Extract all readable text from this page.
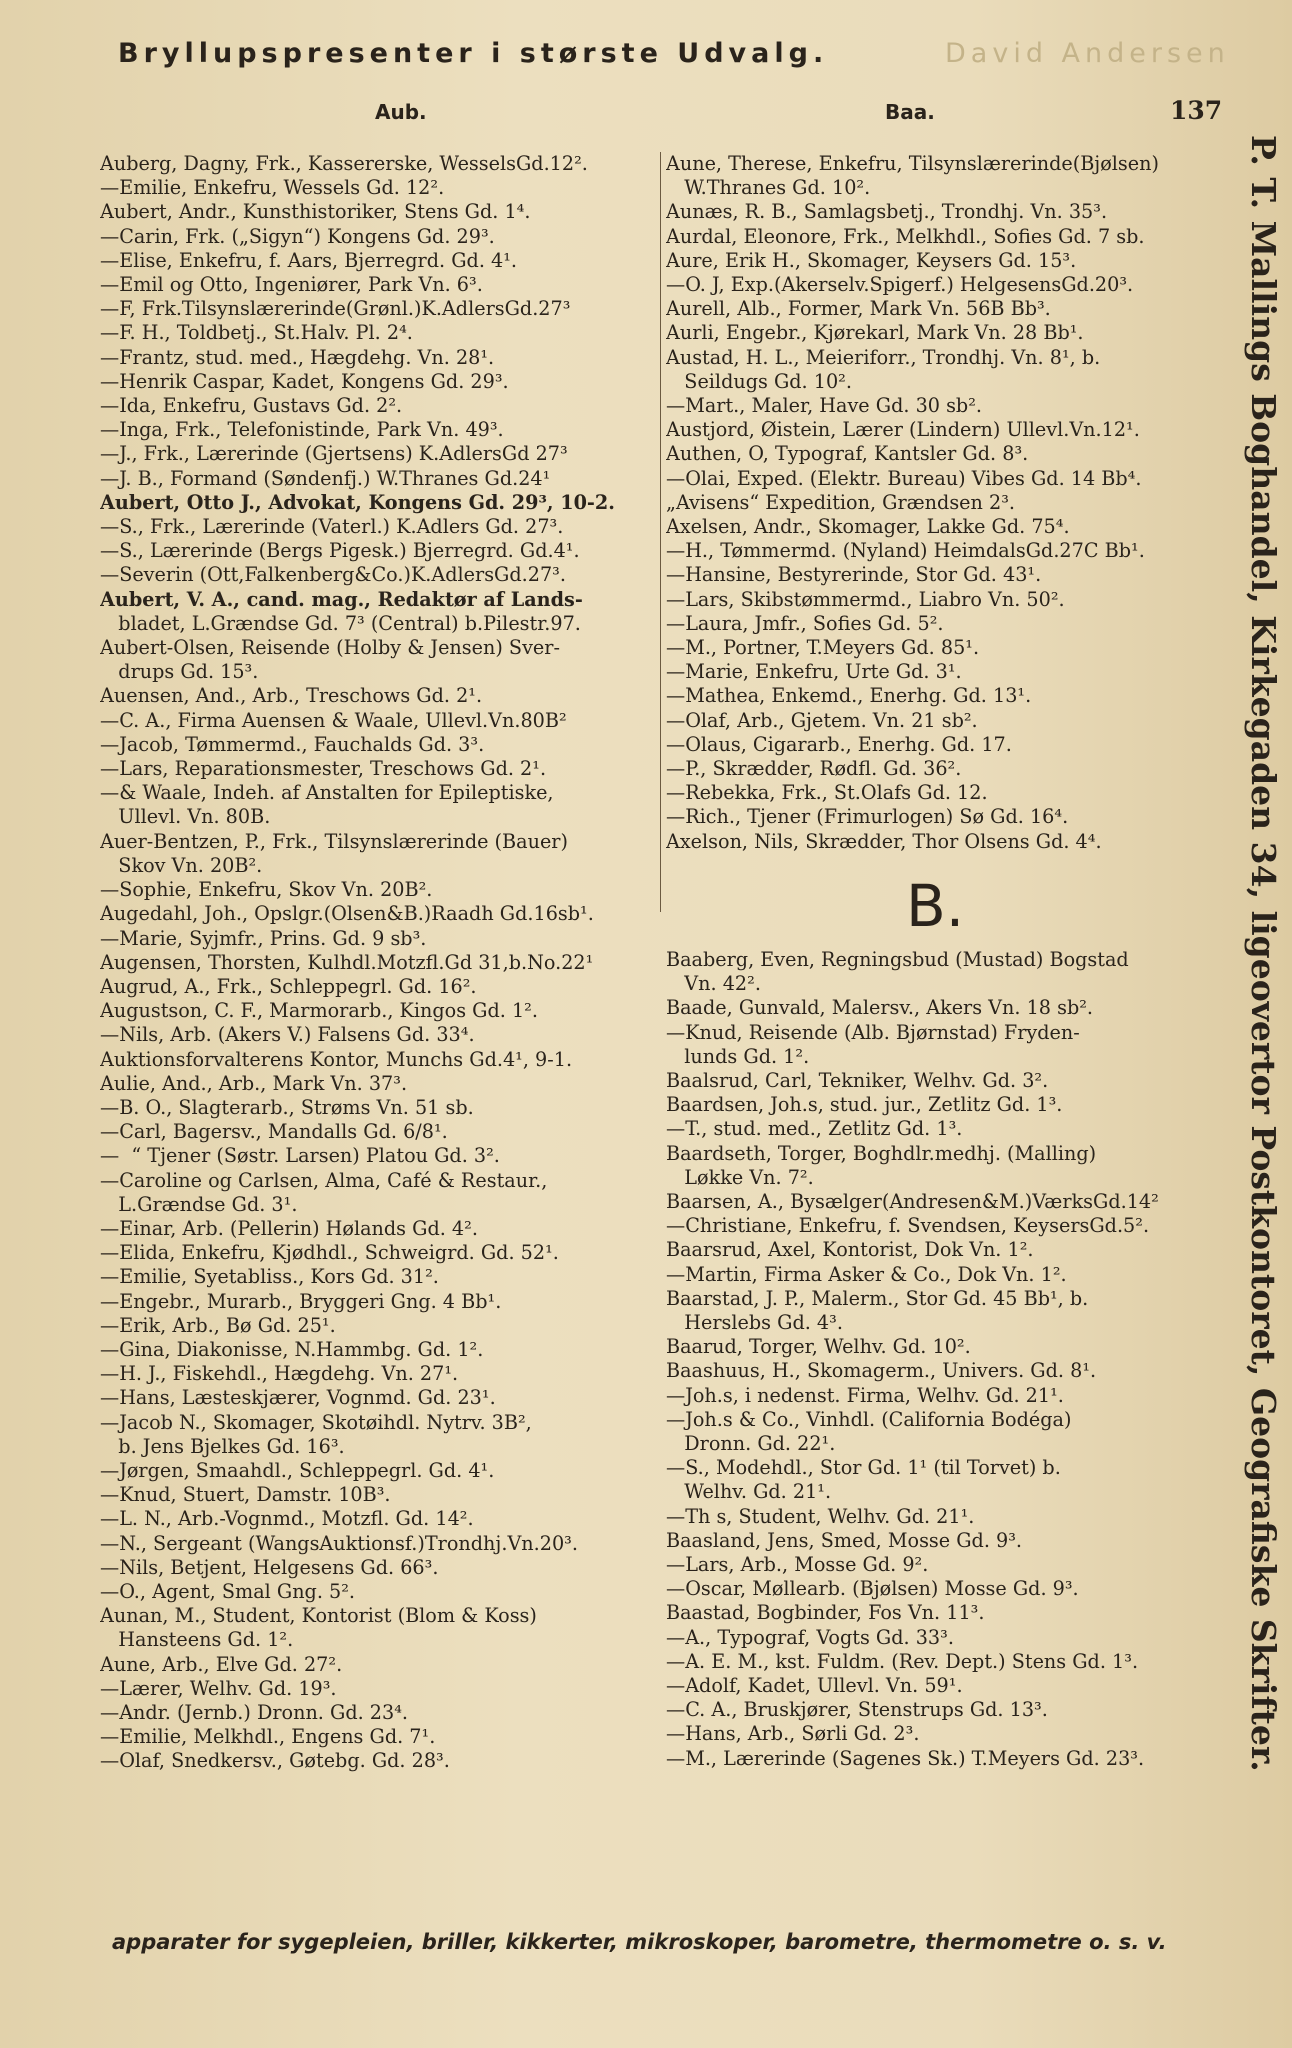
Bryllupspresenter i største Udvalg.	David Andersen
Aub.	Baa.	137
Auberg, Dagny, Frk., Kassererske, WesselsGd.12².
—Emilie, Enkefru, Wessels Gd. 12².
Aubert, Andr., Kunsthistoriker, Stens Gd. 1⁴.
—Carin, Frk. („Sigyn“) Kongens Gd. 29³.
—Elise, Enkefru, f. Aars, Bjerregrd. Gd. 4¹.
—Emil og Otto, Ingeniører, Park Vn. 6³.
—F, Frk.Tilsynslærerinde(Grønl.)K.AdlersGd.27³
—F. H., Toldbetj., St.Halv. Pl. 2⁴.
—Frantz, stud. med., Hægdehg. Vn. 28¹.
—Henrik Caspar, Kadet, Kongens Gd. 29³.
—Ida, Enkefru, Gustavs Gd. 2².
—Inga, Frk., Telefonistinde, Park Vn. 49³.
—J., Frk., Lærerinde (Gjertsens) K.AdlersGd 27³
—J. B., Formand (Søndenfj.) W.Thranes Gd.24¹
Aubert, Otto J., Advokat, Kongens Gd. 29³, 10-2.
—S., Frk., Lærerinde (Vaterl.) K.Adlers Gd. 27³.
—S., Lærerinde (Bergs Pigesk.) Bjerregrd. Gd.4¹.
—Severin (Ott,Falkenberg&Co.)K.AdlersGd.27³.
Aubert, V. A., cand. mag., Redaktør af Lands-
bladet, L.Grændse Gd. 7³ (Central) b.Pilestr.97.
Aubert-Olsen, Reisende (Holby & Jensen) Sver-
drups Gd. 15³.
Auensen, And., Arb., Treschows Gd. 2¹.
—C. A., Firma Auensen & Waale, Ullevl.Vn.80B²
—Jacob, Tømmermd., Fauchalds Gd. 3³.
—Lars, Reparationsmester, Treschows Gd. 2¹.
—& Waale, Indeh. af Anstalten for Epileptiske,
Ullevl. Vn. 80B.
Auer-Bentzen, P., Frk., Tilsynslærerinde (Bauer)
Skov Vn. 20B².
—Sophie, Enkefru, Skov Vn. 20B².
Augedahl, Joh., Opslgr.(Olsen&B.)Raadh Gd.16sb¹.
—Marie, Syjmfr., Prins. Gd. 9 sb³.
Augensen, Thorsten, Kulhdl.Motzfl.Gd 31,b.No.22¹
Augrud, A., Frk., Schleppegrl. Gd. 16².
Augustson, C. F., Marmorarb., Kingos Gd. 1².
—Nils, Arb. (Akers V.) Falsens Gd. 33⁴.
Auktionsforvalterens Kontor, Munchs Gd.4¹, 9-1.
Aulie, And., Arb., Mark Vn. 37³.
—B. O., Slagterarb., Strøms Vn. 51 sb.
—Carl, Bagersv., Mandalls Gd. 6/8¹.
—  “ Tjener (Søstr. Larsen) Platou Gd. 3².
—Caroline og Carlsen, Alma, Café & Restaur.,
L.Grændse Gd. 3¹.
—Einar, Arb. (Pellerin) Hølands Gd. 4².
—Elida, Enkefru, Kjødhdl., Schweigrd. Gd. 52¹.
—Emilie, Syetabliss., Kors Gd. 31².
—Engebr., Murarb., Bryggeri Gng. 4 Bb¹.
—Erik, Arb., Bø Gd. 25¹.
—Gina, Diakonisse, N.Hammbg. Gd. 1².
—H. J., Fiskehdl., Hægdehg. Vn. 27¹.
—Hans, Læsteskjærer, Vognmd. Gd. 23¹.
—Jacob N., Skomager, Skotøihdl. Nytrv. 3B²,
b. Jens Bjelkes Gd. 16³.
—Jørgen, Smaahdl., Schleppegrl. Gd. 4¹.
—Knud, Stuert, Damstr. 10B³.
—L. N., Arb.-Vognmd., Motzfl. Gd. 14².
—N., Sergeant (WangsAuktionsf.)Trondhj.Vn.20³.
—Nils, Betjent, Helgesens Gd. 66³.
—O., Agent, Smal Gng. 5².
Aunan, M., Student, Kontorist (Blom & Koss)
Hansteens Gd. 1².
Aune, Arb., Elve Gd. 27².
—Lærer, Welhv. Gd. 19³.
—Andr. (Jernb.) Dronn. Gd. 23⁴.
—Emilie, Melkhdl., Engens Gd. 7¹.
—Olaf, Snedkersv., Gøtebg. Gd. 28³.
Aune, Therese, Enkefru, Tilsynslærerinde(Bjølsen)
W.Thranes Gd. 10².
Aunæs, R. B., Samlagsbetj., Trondhj. Vn. 35³.
Aurdal, Eleonore, Frk., Melkhdl., Sofies Gd. 7 sb.
Aure, Erik H., Skomager, Keysers Gd. 15³.
—O. J, Exp.(Akerselv.Spigerf.) HelgesensGd.20³.
Aurell, Alb., Former, Mark Vn. 56B Bb³.
Aurli, Engebr., Kjørekarl, Mark Vn. 28 Bb¹.
Austad, H. L., Meieriforr., Trondhj. Vn. 8¹, b.
Seildugs Gd. 10².
—Mart., Maler, Have Gd. 30 sb².
Austjord, Øistein, Lærer (Lindern) Ullevl.Vn.12¹.
Authen, O, Typograf, Kantsler Gd. 8³.
—Olai, Exped. (Elektr. Bureau) Vibes Gd. 14 Bb⁴.
„Avisens“ Expedition, Grændsen 2³.
Axelsen, Andr., Skomager, Lakke Gd. 75⁴.
—H., Tømmermd. (Nyland) HeimdalsGd.27C Bb¹.
—Hansine, Bestyrerinde, Stor Gd. 43¹.
—Lars, Skibstømmermd., Liabro Vn. 50².
—Laura, Jmfr., Sofies Gd. 5².
—M., Portner, T.Meyers Gd. 85¹.
—Marie, Enkefru, Urte Gd. 3¹.
—Mathea, Enkemd., Enerhg. Gd. 13¹.
—Olaf, Arb., Gjetem. Vn. 21 sb².
—Olaus, Cigararb., Enerhg. Gd. 17.
—P., Skrædder, Rødfl. Gd. 36².
—Rebekka, Frk., St.Olafs Gd. 12.
—Rich., Tjener (Frimurlogen) Sø Gd. 16⁴.
Axelson, Nils, Skrædder, Thor Olsens Gd. 4⁴.
B.
Baaberg, Even, Regningsbud (Mustad) Bogstad
Vn. 42².
Baade, Gunvald, Malersv., Akers Vn. 18 sb².
—Knud, Reisende (Alb. Bjørnstad) Fryden-
lunds Gd. 1².
Baalsrud, Carl, Tekniker, Welhv. Gd. 3².
Baardsen, Joh.s, stud. jur., Zetlitz Gd. 1³.
—T., stud. med., Zetlitz Gd. 1³.
Baardseth, Torger, Boghdlr.medhj. (Malling)
Løkke Vn. 7².
Baarsen, A., Bysælger(Andresen&M.)VærksGd.14²
—Christiane, Enkefru, f. Svendsen, KeysersGd.5².
Baarsrud, Axel, Kontorist, Dok Vn. 1².
—Martin, Firma Asker & Co., Dok Vn. 1².
Baarstad, J. P., Malerm., Stor Gd. 45 Bb¹, b.
Herslebs Gd. 4³.
Baarud, Torger, Welhv. Gd. 10².
Baashuus, H., Skomagerm., Univers. Gd. 8¹.
—Joh.s, i nedenst. Firma, Welhv. Gd. 21¹.
—Joh.s & Co., Vinhdl. (California Bodéga)
Dronn. Gd. 22¹.
—S., Modehdl., Stor Gd. 1¹ (til Torvet) b.
Welhv. Gd. 21¹.
—Th s, Student, Welhv. Gd. 21¹.
Baasland, Jens, Smed, Mosse Gd. 9³.
—Lars, Arb., Mosse Gd. 9².
—Oscar, Møllearb. (Bjølsen) Mosse Gd. 9³.
Baastad, Bogbinder, Fos Vn. 11³.
—A., Typograf, Vogts Gd. 33³.
—A. E. M., kst. Fuldm. (Rev. Dept.) Stens Gd. 1³.
—Adolf, Kadet, Ullevl. Vn. 59¹.
—C. A., Bruskjører, Stenstrups Gd. 13³.
—Hans, Arb., Sørli Gd. 2³.
—M., Lærerinde (Sagenes Sk.) T.Meyers Gd. 23³.	P. T. Mallings Boghandel, Kirkegaden 34, ligeovertor Postkontoret, Geografiske Skrifter.
apparater for sygepleien, briller, kikkerter, mikroskoper, barometre, thermometre o. s. v.
